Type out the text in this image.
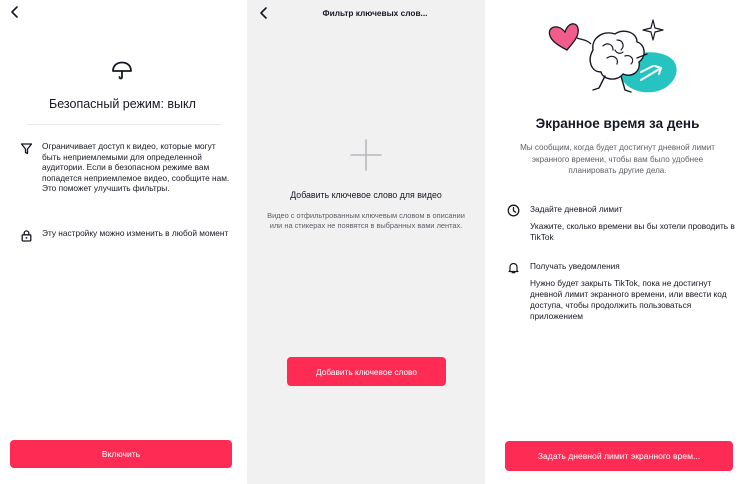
Безопасный режим: выкл
Ограничивает доступ к видео, которые могут быть неприемлемыми для определенной аудитории. Если в безопасном режиме вам попадется неприемлемое видео, сообщите нам. Это поможет улучшить фильтры.
Эту настройку можно изменить в любой момент
Включить
Фильтр ключевых слов...
Добавить ключевое слово для видео
Видео с отфильтрованным ключевым словом в описании или на стикерах не появятся в выбранных вами лентах.
Добавить ключевое слово
Экранное время за день
Мы сообщим, когда будет достигнут дневной лимит экранного времени, чтобы вам было удобнее планировать другие дела.
Задайте дневной лимит
Укажите, сколько времени вы бы хотели проводить в TikTok
Получать уведомления
Нужно будет закрыть TikTok, пока не достигнут дневной лимит экранного времени, или ввести код доступа, чтобы продолжить пользоваться приложением
Задать дневной лимит экранного врем...
